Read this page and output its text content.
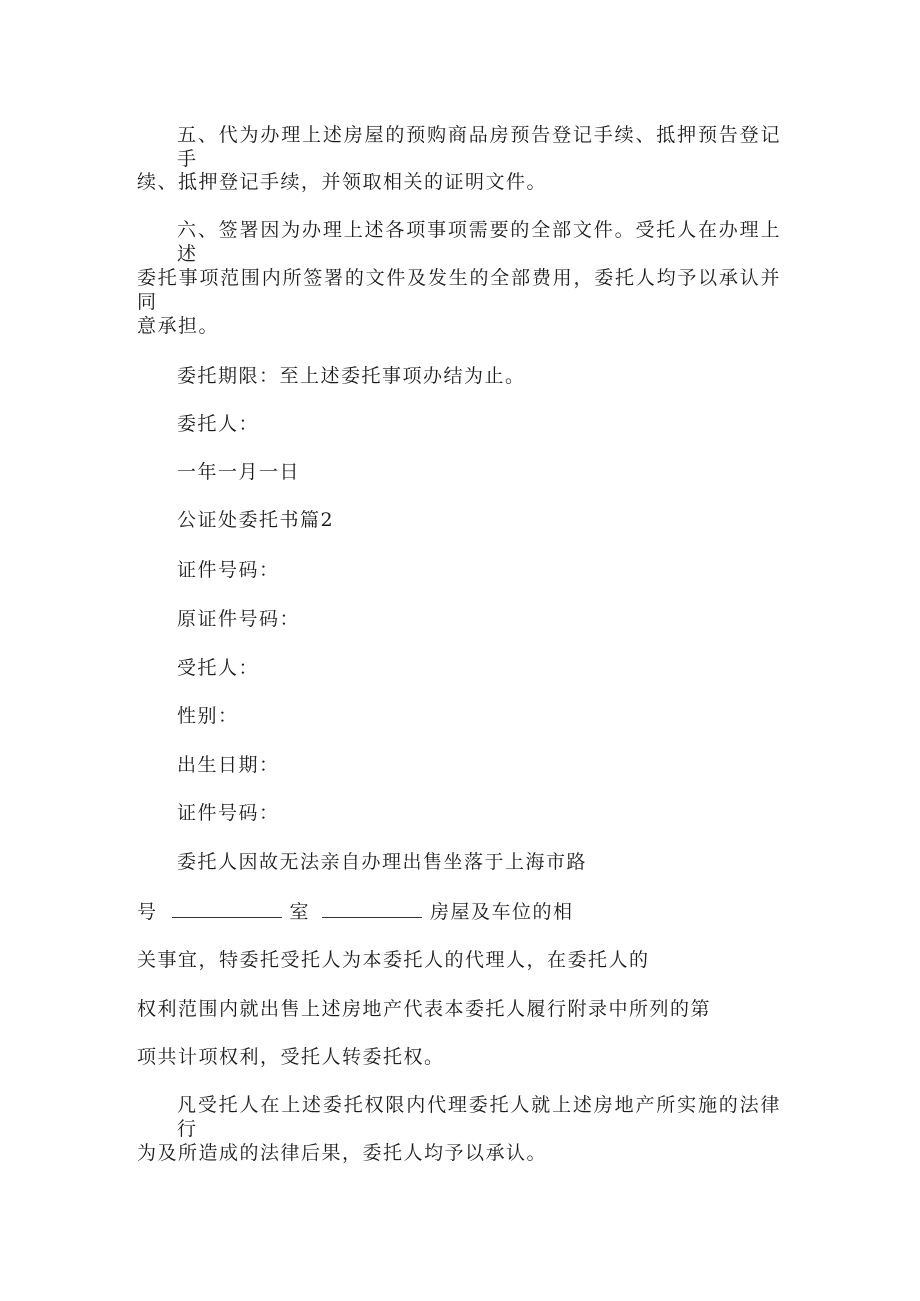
五、代为办理上述房屋的预购商品房预告登记手续、抵押预告登记手
续、抵押登记手续，并领取相关的证明文件。
六、签署因为办理上述各项事项需要的全部文件。受托人在办理上述
委托事项范围内所签署的文件及发生的全部费用，委托人均予以承认并同
意承担。
委托期限：至上述委托事项办结为止。
委托人：
一年一月一日
公证处委托书篇2
证件号码：
原证件号码：
受托人：
性别：
出生日期：
证件号码：
委托人因故无法亲自办理出售坐落于上海市路
号	室	房屋及车位的相
关事宜，特委托受托人为本委托人的代理人，在委托人的
权利范围内就出售上述房地产代表本委托人履行附录中所列的第
项共计项权利，受托人转委托权。
凡受托人在上述委托权限内代理委托人就上述房地产所实施的法律行
为及所造成的法律后果，委托人均予以承认。
